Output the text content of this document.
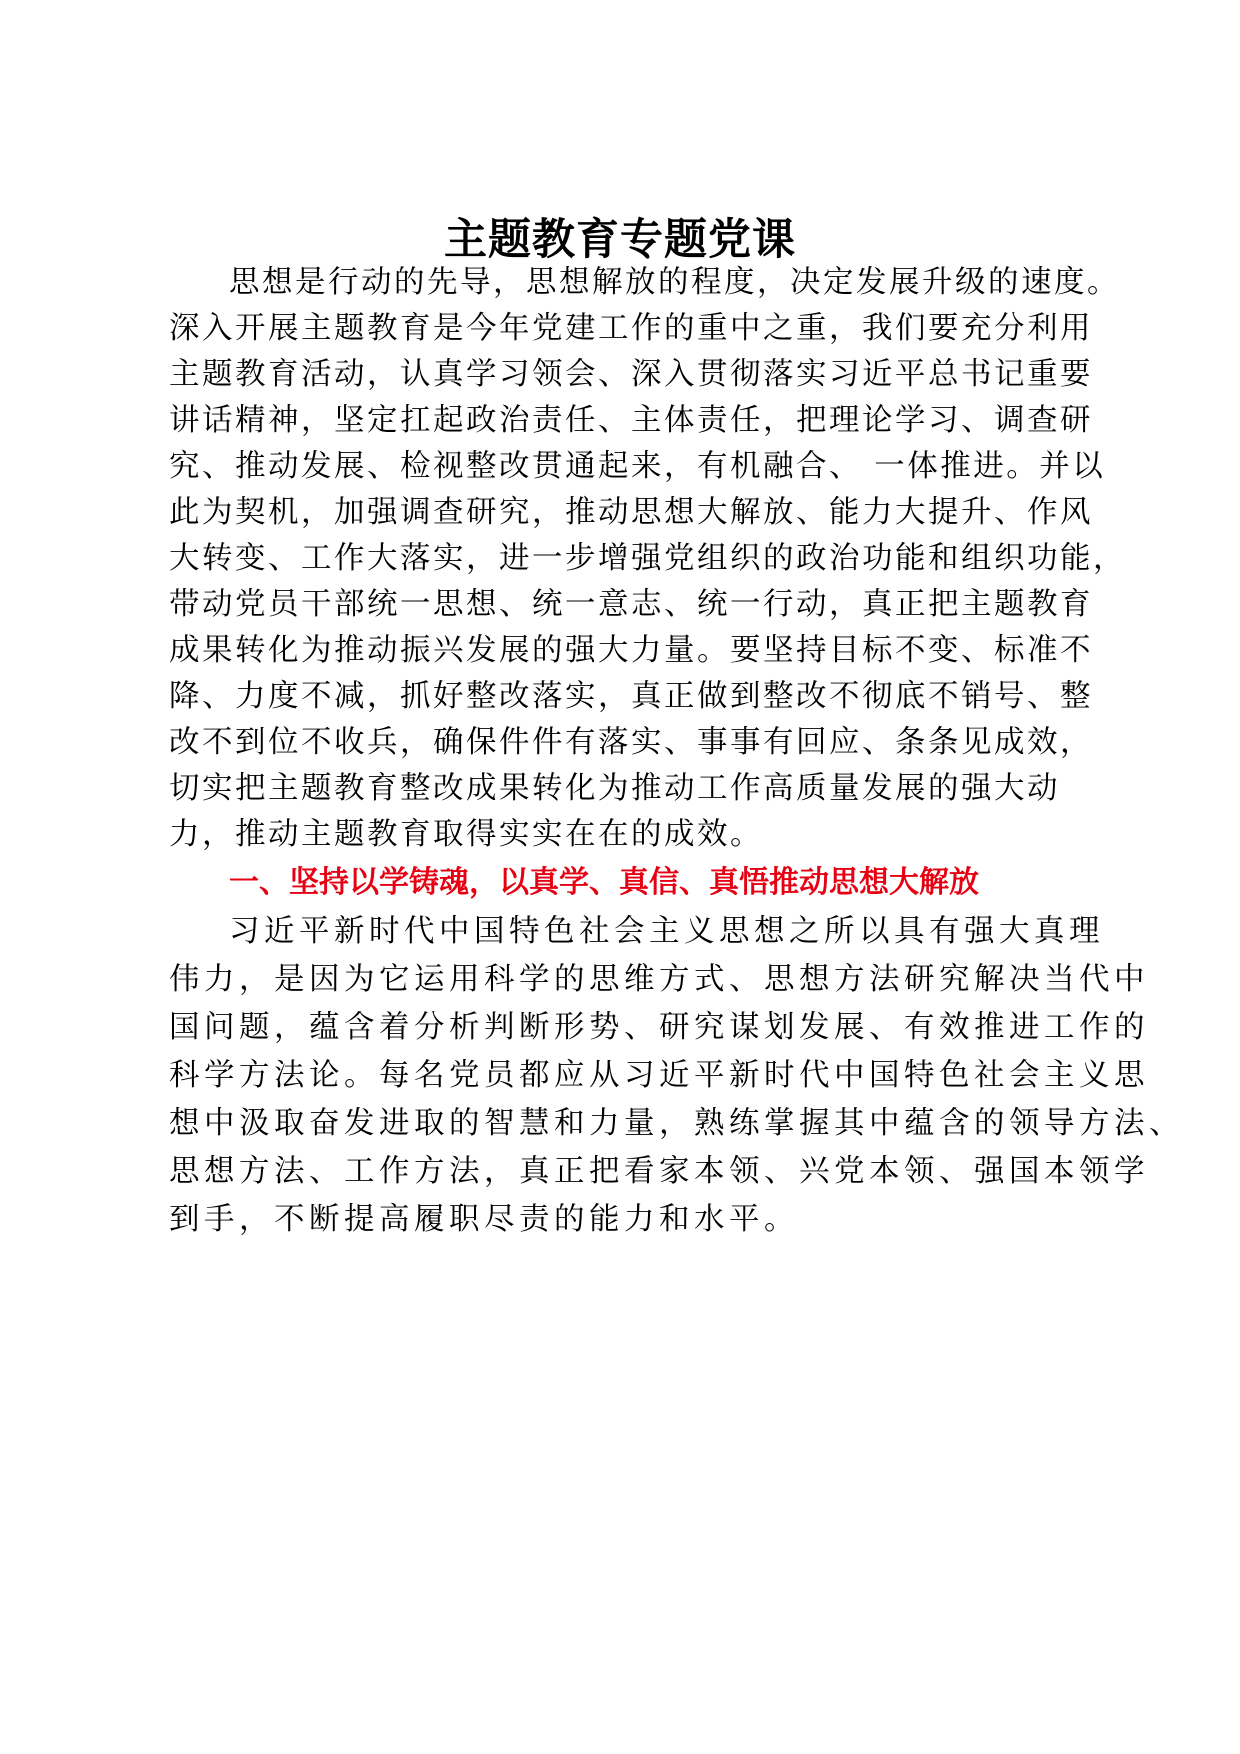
主题教育专题党课
思想是行动的先导，思想解放的程度，决定发展升级的速度。
深入开展主题教育是今年党建工作的重中之重，我们要充分利用
主题教育活动，认真学习领会、深入贯彻落实习近平总书记重要
讲话精神，坚定扛起政治责任、主体责任，把理论学习、调查研
究、推动发展、检视整改贯通起来，有机融合、 一体推进。并以
此为契机，加强调查研究，推动思想大解放、能力大提升、作风
大转变、工作大落实，进一步增强党组织的政治功能和组织功能，
带动党员干部统一思想、统一意志、统一行动，真正把主题教育
成果转化为推动振兴发展的强大力量。要坚持目标不变、标准不
降、力度不减，抓好整改落实，真正做到整改不彻底不销号、整
改不到位不收兵，确保件件有落实、事事有回应、条条见成效，
切实把主题教育整改成果转化为推动工作高质量发展的强大动
力，推动主题教育取得实实在在的成效。
一、坚持以学铸魂，以真学、真信、真悟推动思想大解放
习近平新时代中国特色社会主义思想之所以具有强大真理
伟力，是因为它运用科学的思维方式、思想方法研究解决当代中
国问题，蕴含着分析判断形势、研究谋划发展、有效推进工作的
科学方法论。每名党员都应从习近平新时代中国特色社会主义思
想中汲取奋发进取的智慧和力量，熟练掌握其中蕴含的领导方法、
思想方法、工作方法，真正把看家本领、兴党本领、强国本领学
到手，不断提高履职尽责的能力和水平。
